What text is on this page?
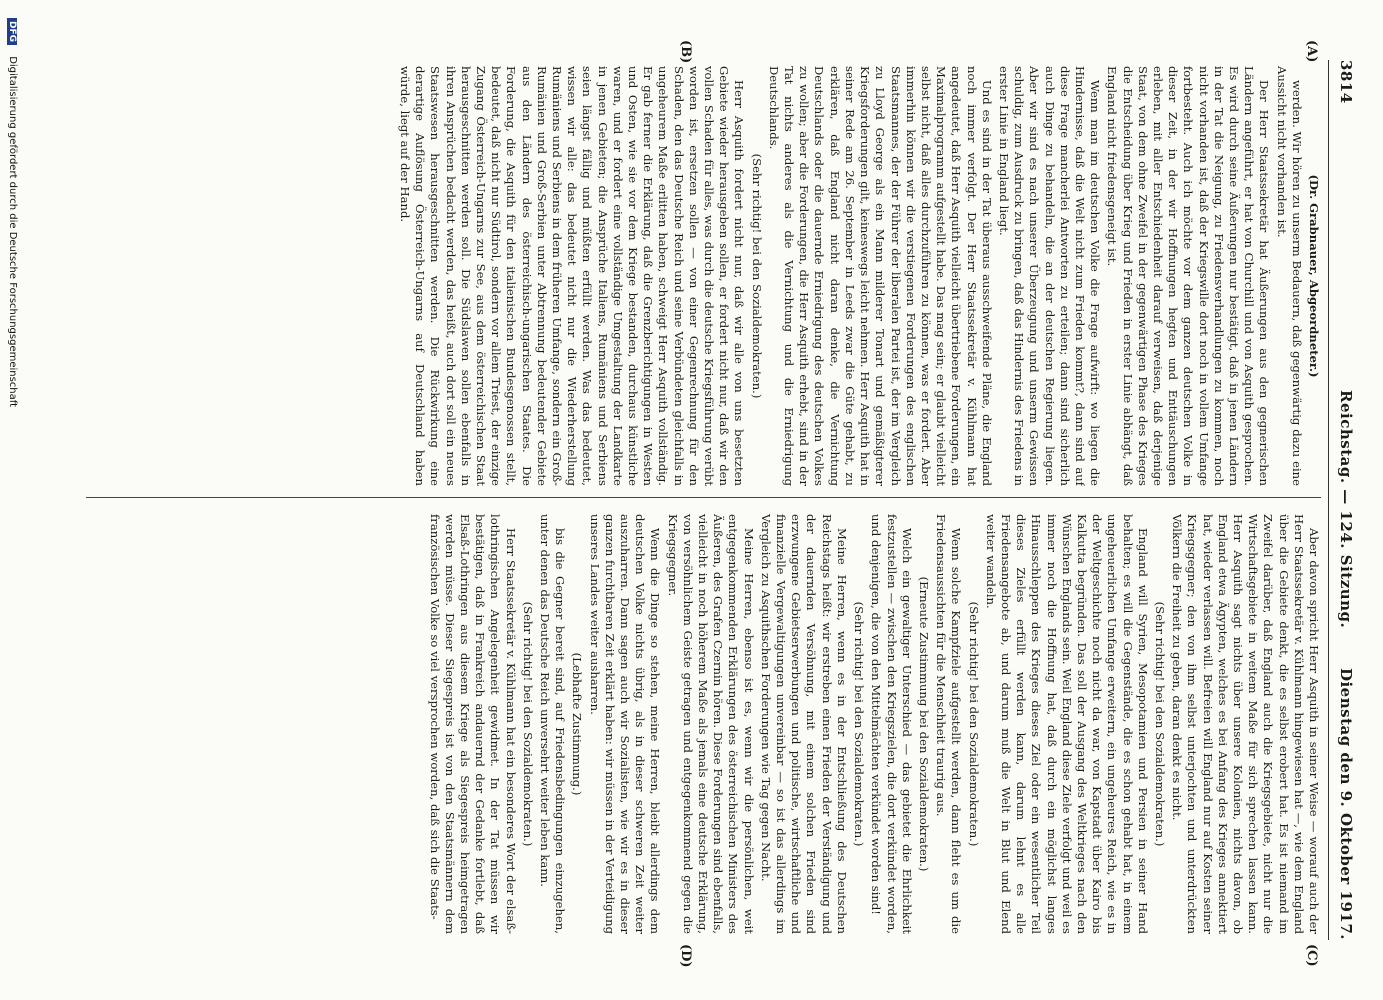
3814
Reichstag. — 124. Sitzung.
Dienstag den 9. Oktober 1917.
(A)
(B)
(C)
(D)

(Dr. Grabnauer, Abgeordneter.)

werden. Wir hören zu unserm Bedauern, daß gegenwärtig dazu eine Aussicht nicht vorhanden ist.

Der Herr Staatssekretär hat Äußerungen aus den gegnerischen Ländern angeführt, er hat von Churchill und von Asquith gesprochen. Es wird durch seine Äußerungen nur bestätigt, daß in jenen Ländern in der Tat die Neigung, zu Friedensverhandlungen zu kommen, noch nicht vorhanden ist, daß der Kriegswille dort noch in vollem Umfange fortbesteht. Auch ich möchte vor dem ganzen deutschen Volke in dieser Zeit, in der wir Hoffnungen hegten und Enttäuschungen erleben, mit aller Entschiedenheit darauf verweisen, daß derjenige Staat, von dem ohne Zweifel in der gegenwärtigen Phase des Krieges die Entscheidung über Krieg und Frieden in erster Linie abhängt, daß England nicht friedensgeneigt ist.

Wenn man im deutschen Volke die Frage aufwirft: wo liegen die Hindernisse, daß die Welt nicht zum Frieden kommt?, dann sind auf diese Frage mancherlei Antworten zu erteilen; dann sind sicherlich auch Dinge zu behandeln, die an der deutschen Regierung liegen. Aber wir sind es nach unserer Überzeugung und unserm Gewissen schuldig, zum Ausdruck zu bringen, daß das Hindernis des Friedens in erster Linie in England liegt.

Und es sind in der Tat überaus ausschweifende Pläne, die England noch immer verfolgt. Der Herr Staatssekretär v. Kühlmann hat angedeutet, daß Herr Asquith vielleicht übertriebene Forderungen, ein Maximalprogramm aufgestellt habe. Das mag sein; er glaubt vielleicht selbst nicht, daß alles durchzuführen zu können, was er fordert. Aber immerhin können wir die verstiegenen Forderungen des englischen Staatsmannes, der der Führer der liberalen Partei ist, der im Vergleich zu Lloyd George als ein Mann milderer Tonart und gemäßigterer Kriegsforderungen gilt, keineswegs leicht nehmen. Herr Asquith hat in seiner Rede am 26. September in Leeds zwar die Güte gehabt, zu erklären, daß England nicht daran denke, die Vernichtung Deutschlands oder die dauernde Erniedrigung des deutschen Volkes zu wollen; aber die Forderungen, die Herr Asquith erhebt, sind in der Tat nichts anderes als die Vernichtung und die Erniedrigung Deutschlands.

(Sehr richtig! bei den Sozialdemokraten.)

Herr Asquith fordert nicht nur, daß wir alle von uns besetzten Gebiete wieder herausgeben sollen, er fordert nicht nur, daß wir den vollen Schaden für alles, was durch die deutsche Kriegsführung verübt worden ist, ersetzen sollen — von einer Gegenrechnung für den Schaden, den das Deutsche Reich und seine Verbündeten gleichfalls in ungeheurem Maße erlitten haben, schweigt Herr Asquith vollständig. Er gab ferner die Erklärung, daß die Grenzberichtigungen in Westen und Osten, wie sie vor dem Kriege bestanden, durchaus künstliche waren, und er fordert eine vollständige Umgestaltung der Landkarte in jenen Gebieten; die Ansprüche Italiens, Rumäniens und Serbiens seien längst fällig und müßten erfüllt werden. Was das bedeutet, wissen wir alle: das bedeutet nicht nur die Wiederherstellung Rumäniens und Serbiens in dem früheren Umfange, sondern ein Groß-Rumänien und Groß-Serbien unter Abtrennung bedeutender Gebiete aus den Ländern des österreichisch-ungarischen Staates. Die Forderung, die Asquith für den italienischen Bundesgenossen stellt, bedeutet, daß nicht nur Südtirol, sondern vor allem Triest, der einzige Zugang Österreich-Ungarns zur See, aus dem österreichischen Staat herausgeschnitten werden soll. Die Südslawen sollen ebenfalls in ihren Ansprüchen bedacht werden, das heißt, auch dort soll ein neues Staatswesen herausgeschnitten werden. Die Rückwirkung eine derartige Auflösung Österreich-Ungarns auf Deutschland haben würde, liegt auf der Hand.

Aber davon spricht Herr Asquith in seiner Weise — worauf auch der Herr Staatssekretär v. Kühlmann hingewiesen hat —, wie dem England über die Gebiete denkt, die es selbst erobert hat. Es ist niemand im Zweifel darüber, daß England auch die Kriegsgebiete, nicht nur die Wirtschaftsgebiete in weitem Maße für sich sprechen lassen kann. Herr Asquith sagt nichts über unsere Kolonien, nichts davon, ob England etwa Ägypten, welches es bei Anfang des Krieges annektiert hat, wieder verlassen will. Befreien will England nur auf Kosten seiner Kriegsgegner; den von ihm selbst unterjochten und unterdrückten Völkern die Freiheit zu geben, daran denkt es nicht.

(Sehr richtig! bei den Sozialdemokraten.)

England will Syrien, Mesopotamien und Persien in seiner Hand behalten; es will die Gegenstände, die es schon gehabt hat, in einem ungeheuerlichen Umfange erweitern, ein ungeheures Reich, wie es in der Weltgeschichte noch nicht da war, von Kapstadt über Kairo bis Kalkutta begründen. Das soll der Ausgang des Weltkrieges nach den Wünschen Englands sein. Weil England diese Ziele verfolgt und weil es immer noch die Hoffnung hat, daß durch ein möglichst langes Hinausschleppen des Krieges dieses Ziel oder ein wesentlicher Teil dieses Zieles erfüllt werden kann, darum lehnt es alle Friedensangebote ab, und darum muß die Welt in Blut und Elend weiter wandeln.

(Sehr richtig! bei den Sozialdemokraten.)

Wenn solche Kampfziele aufgestellt werden, dann fleht es um die Friedensaussichten für die Menschheit traurig aus.

(Erneute Zustimmung bei den Sozialdemokraten.)

Welch ein gewaltiger Unterschied — das gebietet die Ehrlichkeit festzustellen — zwischen den Kriegszielen, die dort verkündet worden, und denjenigen, die von den Mittelmächten verkündet worden sind!

(Sehr richtig! bei den Sozialdemokraten.)

Meine Herren, wenn es in der Entschließung des Deutschen Reichstags heißt: wir erstreben einen Frieden der Verständigung und der dauernden Versöhnung, mit einem solchen Frieden sind erzwungene Gebietserwerbungen und politische, wirtschaftliche und finanzielle Vergewaltigungen unvereinbar — so ist das allerdings im Vergleich zu Asquithschen Forderungen wie Tag gegen Nacht.

Meine Herren, ebenso ist es, wenn wir die persönlichen, weit entgegenkommenden Erklärungen des österreichischen Ministers des Äußeren, des Grafen Czernin hören. Diese Forderungen sind ebenfalls, vielleicht in noch höherem Maße als jemals eine deutsche Erklärung, von versöhnlichem Geiste getragen und entgegenkommend gegen die Kriegsgegner.

Wenn die Dinge so stehen, meine Herren, bleibt allerdings dem deutschen Volke nichts übrig, als in dieser schweren Zeit weiter auszuharren. Dann sagen auch wir Sozialisten, wie wir es in dieser ganzen furchtbaren Zeit erklärt haben: wir müssen in der Verteidigung unseres Landes weiter ausharren.

(Lebhafte Zustimmung.)

bis die Gegner bereit sind, auf Friedensbedingungen einzugehen, unter denen das Deutsche Reich unversehrt weiter leben kann.

(Sehr richtig! bei den Sozialdemokraten.)

Herr Staatssekretär v. Kühlmann hat ein besonderes Wort der elsaß-lothringischen Angelegenheit gewidmet. In der Tat müssen wir bestätigen, daß in Frankreich andauernd der Gedanke fortlebt, daß Elsaß-Lothringen aus diesem Kriege als Siegespreis heimgetragen werden müsse. Dieser Siegespreis ist von den Staatsmännern dem französischen Volke so viel versprochen worden, daß sich die Staats-

DFG Digitalisierung gefördert durch die Deutsche Forschungsgemeinschaft
